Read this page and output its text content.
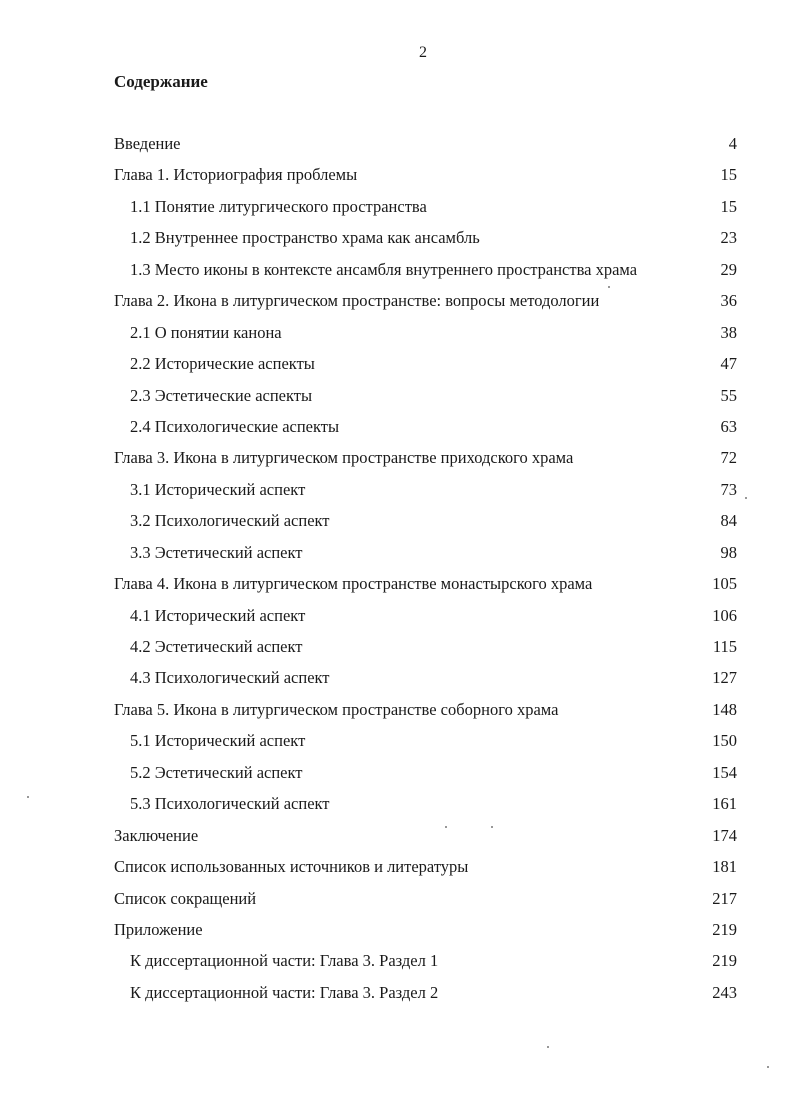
2
Содержание
Введение	4
Глава 1. Историография проблемы	15
1.1 Понятие литургического пространства	15
1.2 Внутреннее пространство храма как ансамбль	23
1.3 Место иконы в контексте ансамбля внутреннего пространства храма	29
Глава 2. Икона в литургическом пространстве: вопросы методологии	36
2.1 О понятии канона	38
2.2 Исторические аспекты	47
2.3 Эстетические аспекты	55
2.4 Психологические аспекты	63
Глава 3. Икона в литургическом пространстве приходского храма	72
3.1 Исторический аспект	73
3.2 Психологический аспект	84
3.3 Эстетический аспект	98
Глава 4. Икона в литургическом пространстве монастырского храма	105
4.1 Исторический аспект	106
4.2 Эстетический аспект	115
4.3 Психологический аспект	127
Глава 5. Икона в литургическом пространстве соборного храма	148
5.1 Исторический аспект	150
5.2 Эстетический аспект	154
5.3 Психологический аспект	161
Заключение	174
Список использованных источников и литературы	181
Список сокращений	217
Приложение	219
К диссертационной части: Глава 3. Раздел 1	219
К диссертационной части: Глава 3. Раздел 2	243
